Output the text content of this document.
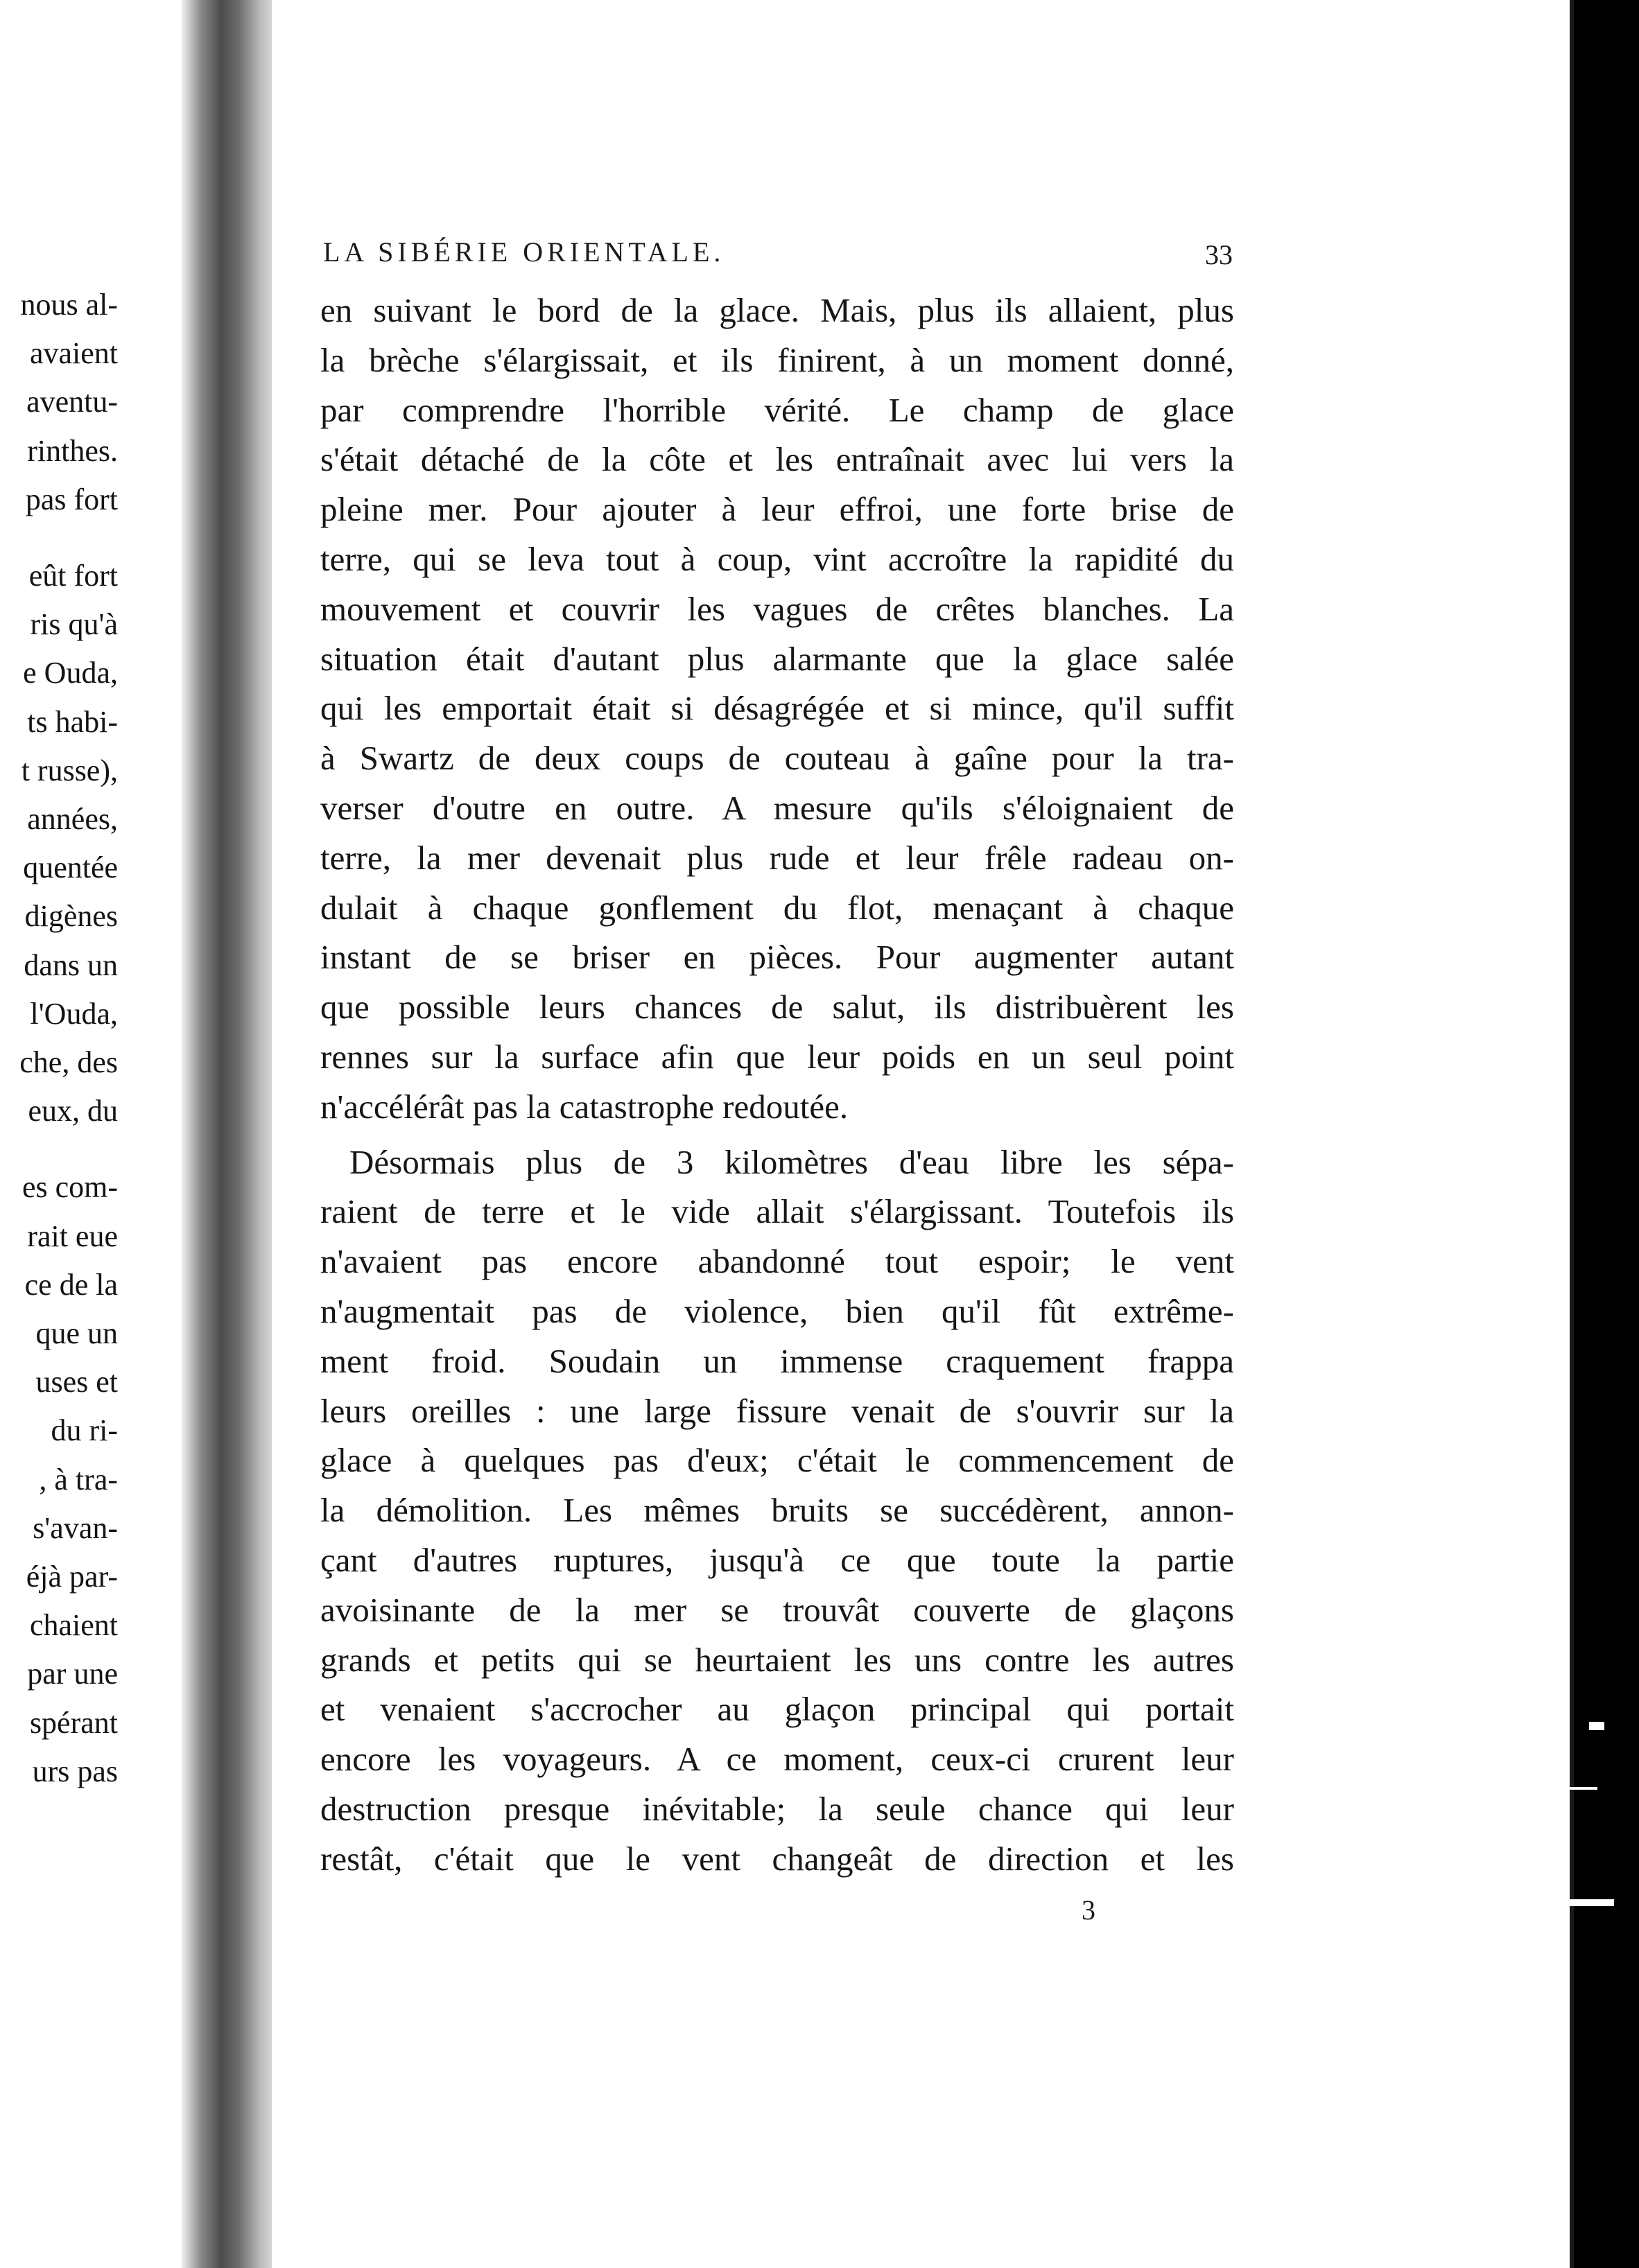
nous al-
avaient
aventu-
rinthes.
pas fort
eût fort
ris qu'à
e Ouda,
ts habi-
t russe),
années,
quentée
digènes
dans un
l'Ouda,
che, des
eux, du
es com-
rait eue
ce de la
que un
uses et
du ri-
, à tra-
s'avan-
éjà par-
chaient
par une
spérant
urs pas
LA SIBÉRIE ORIENTALE.	33
en suivant le bord de la glace. Mais, plus ils allaient, plus
la brèche s'élargissait, et ils finirent, à un moment donné,
par comprendre l'horrible vérité. Le champ de glace
s'était détaché de la côte et les entraînait avec lui vers la
pleine mer. Pour ajouter à leur effroi, une forte brise de
terre, qui se leva tout à coup, vint accroître la rapidité du
mouvement et couvrir les vagues de crêtes blanches. La
situation était d'autant plus alarmante que la glace salée
qui les emportait était si désagrégée et si mince, qu'il suffit
à Swartz de deux coups de couteau à gaîne pour la tra-
verser d'outre en outre. A mesure qu'ils s'éloignaient de
terre, la mer devenait plus rude et leur frêle radeau on-
dulait à chaque gonflement du flot, menaçant à chaque
instant de se briser en pièces. Pour augmenter autant
que possible leurs chances de salut, ils distribuèrent les
rennes sur la surface afin que leur poids en un seul point
n'accélérât pas la catastrophe redoutée.
Désormais plus de 3 kilomètres d'eau libre les sépa-
raient de terre et le vide allait s'élargissant. Toutefois ils
n'avaient pas encore abandonné tout espoir; le vent
n'augmentait pas de violence, bien qu'il fût extrême-
ment froid. Soudain un immense craquement frappa
leurs oreilles : une large fissure venait de s'ouvrir sur la
glace à quelques pas d'eux; c'était le commencement de
la démolition. Les mêmes bruits se succédèrent, annon-
çant d'autres ruptures, jusqu'à ce que toute la partie
avoisinante de la mer se trouvât couverte de glaçons
grands et petits qui se heurtaient les uns contre les autres
et venaient s'accrocher au glaçon principal qui portait
encore les voyageurs. A ce moment, ceux-ci crurent leur
destruction presque inévitable; la seule chance qui leur
restât, c'était que le vent changeât de direction et les
3
